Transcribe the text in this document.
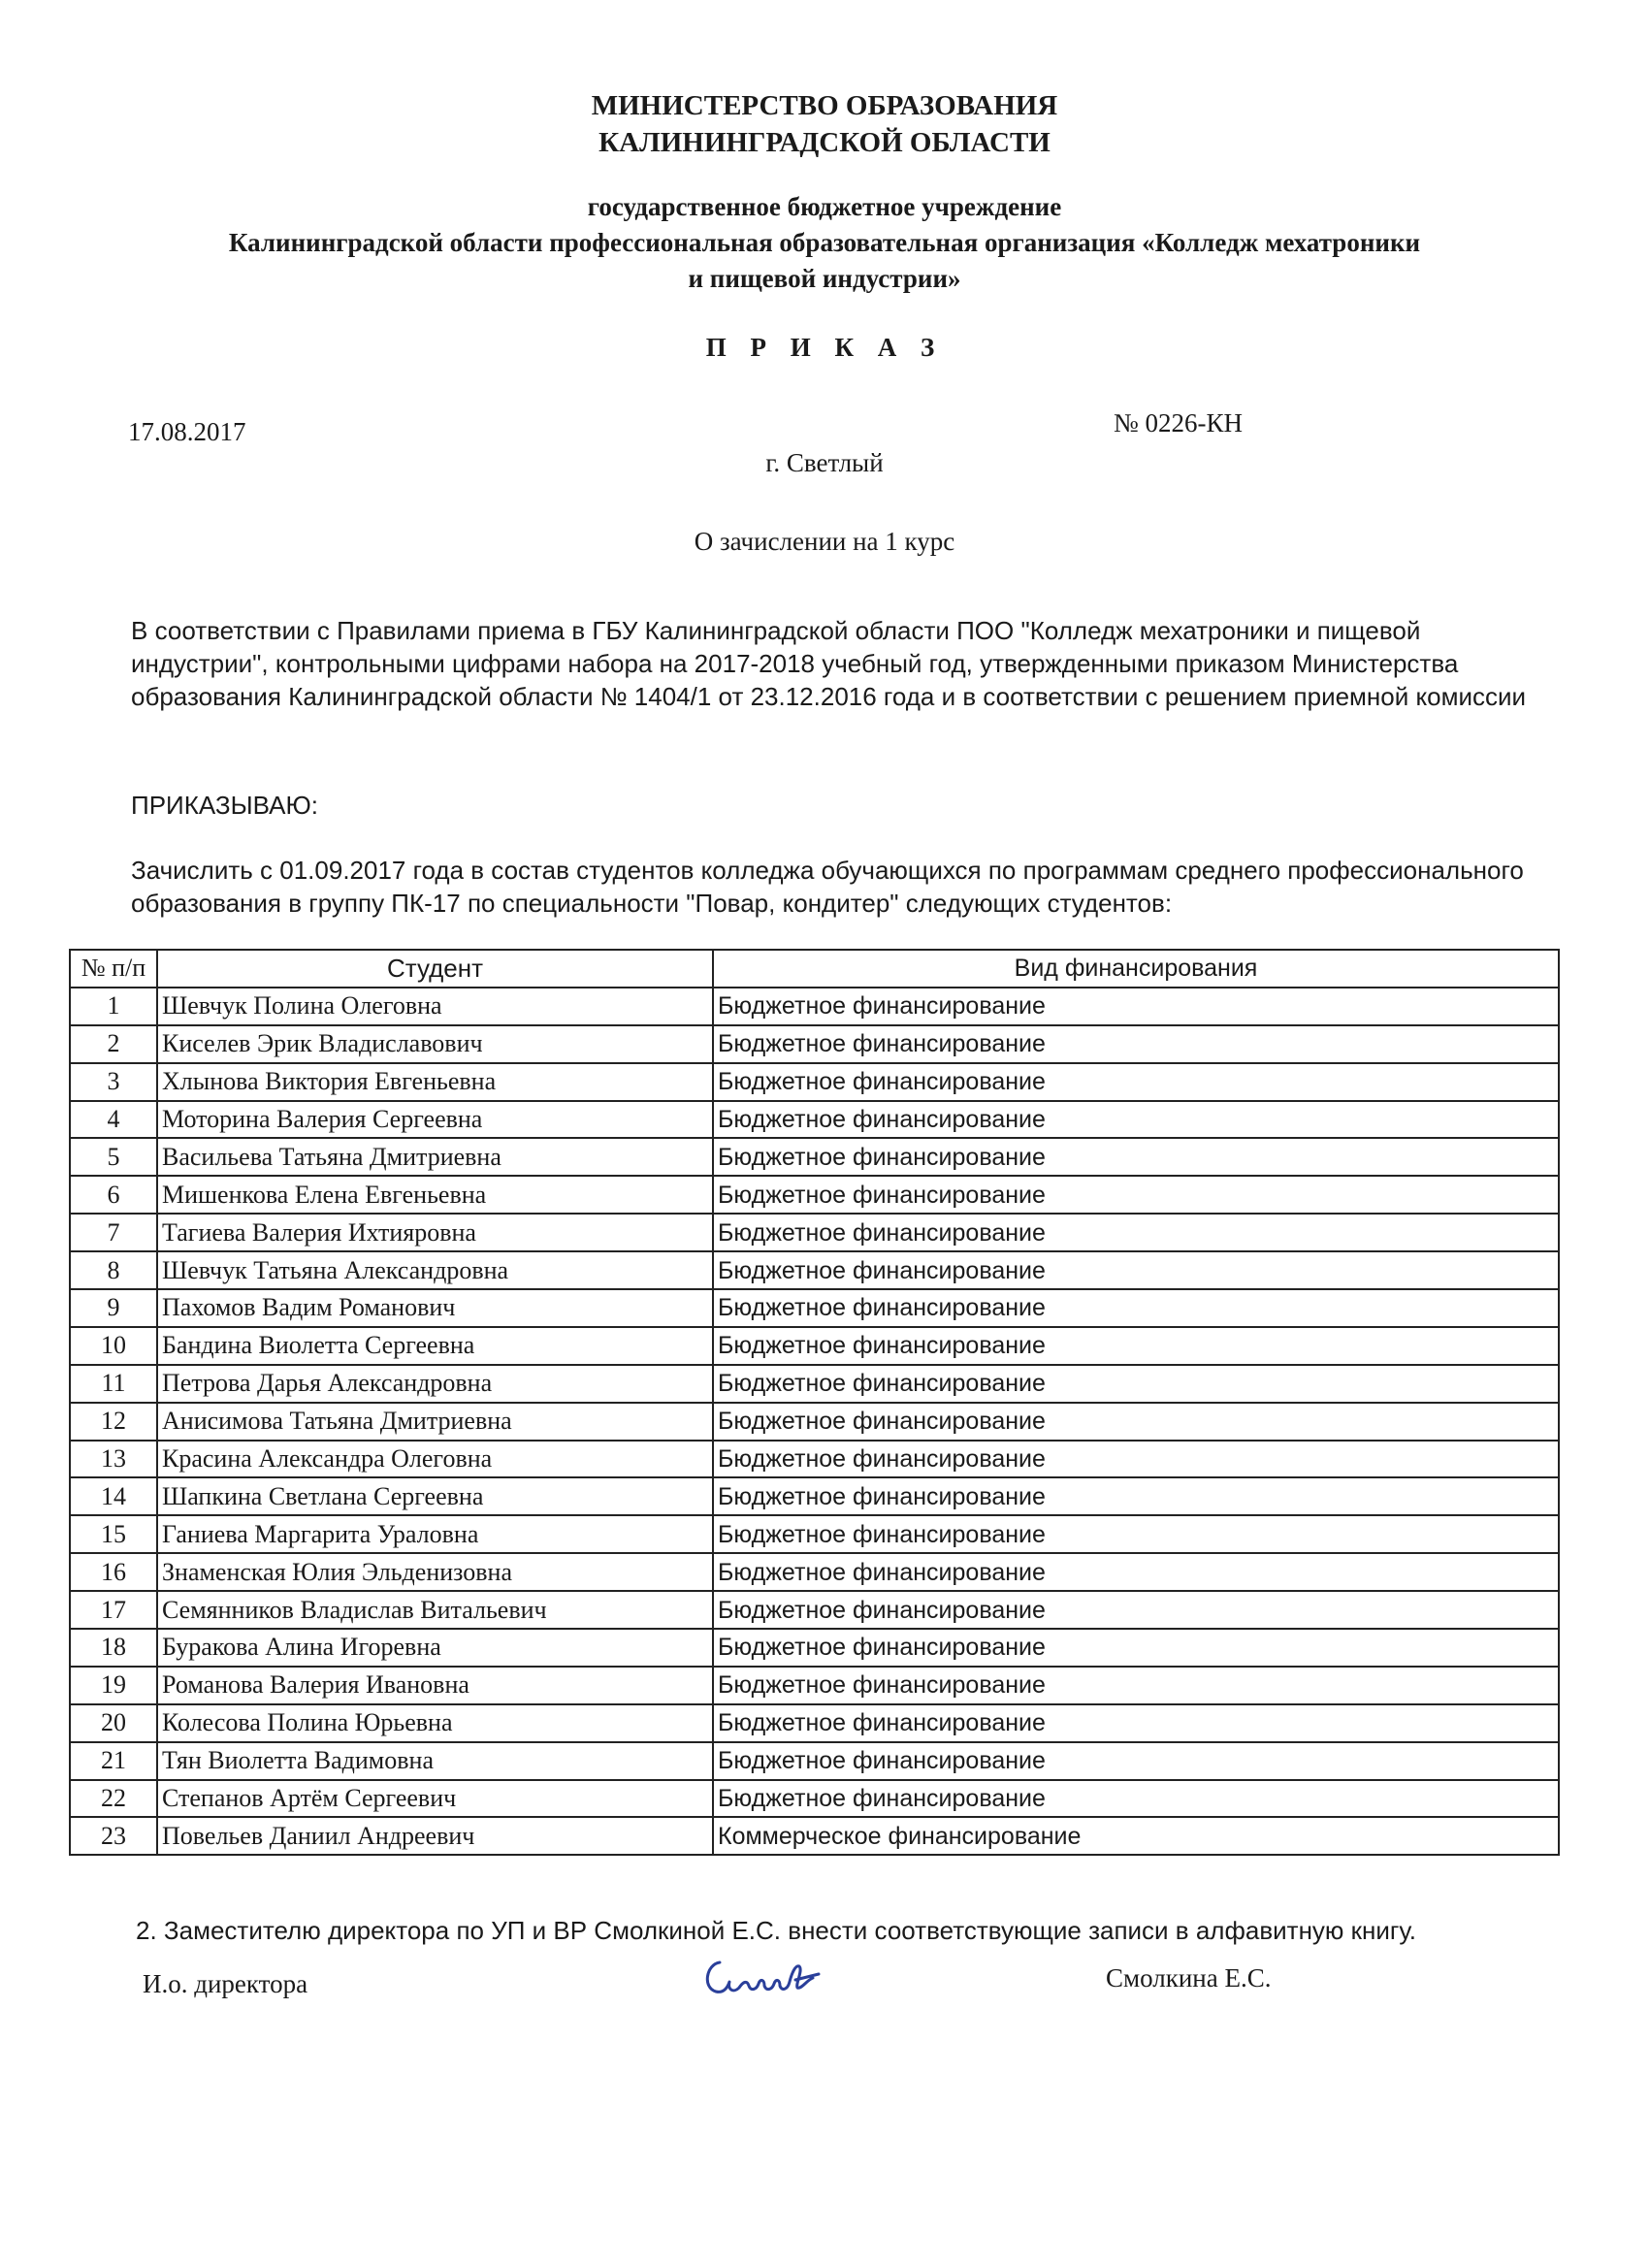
МИНИСТЕРСТВО ОБРАЗОВАНИЯ
КАЛИНИНГРАДСКОЙ ОБЛАСТИ
государственное бюджетное учреждение
Калининградской области профессиональная образовательная организация «Колледж мехатроники
и пищевой индустрии»
П Р И К А З
17.08.2017	№ 0226-КН
г. Светлый
О зачислении на 1 курс
В соответствии с Правилами приема в ГБУ Калининградской области ПОО "Колледж мехатроники и пищевой индустрии", контрольными цифрами набора на 2017-2018 учебный год, утвержденными приказом Министерства образования Калининградской области № 1404/1 от 23.12.2016 года и в соответствии с решением приемной комиссии
ПРИКАЗЫВАЮ:
Зачислить с 01.09.2017 года в состав студентов колледжа обучающихся по программам среднего профессионального образования в группу ПК-17 по специальности "Повар, кондитер" следующих студентов:
№ п/п	Студент	Вид финансирования
1	Шевчук Полина Олеговна	Бюджетное финансирование
2	Киселев Эрик Владиславович	Бюджетное финансирование
3	Хлынова Виктория Евгеньевна	Бюджетное финансирование
4	Моторина Валерия Сергеевна	Бюджетное финансирование
5	Васильева Татьяна Дмитриевна	Бюджетное финансирование
6	Мишенкова Елена Евгеньевна	Бюджетное финансирование
7	Тагиева Валерия Ихтияровна	Бюджетное финансирование
8	Шевчук Татьяна Александровна	Бюджетное финансирование
9	Пахомов Вадим Романович	Бюджетное финансирование
10	Бандина Виолетта Сергеевна	Бюджетное финансирование
11	Петрова Дарья Александровна	Бюджетное финансирование
12	Анисимова Татьяна Дмитриевна	Бюджетное финансирование
13	Красина Александра Олеговна	Бюджетное финансирование
14	Шапкина Светлана Сергеевна	Бюджетное финансирование
15	Ганиева Маргарита Ураловна	Бюджетное финансирование
16	Знаменская Юлия Эльденизовна	Бюджетное финансирование
17	Семянников Владислав Витальевич	Бюджетное финансирование
18	Буракова Алина Игоревна	Бюджетное финансирование
19	Романова Валерия Ивановна	Бюджетное финансирование
20	Колесова Полина Юрьевна	Бюджетное финансирование
21	Тян Виолетта Вадимовна	Бюджетное финансирование
22	Степанов Артём Сергеевич	Бюджетное финансирование
23	Повельев Даниил Андреевич	Коммерческое финансирование
2. Заместителю директора по УП и ВР Смолкиной Е.С. внести соответствующие записи в алфавитную книгу.
И.о. директора	Смолкина Е.С.
